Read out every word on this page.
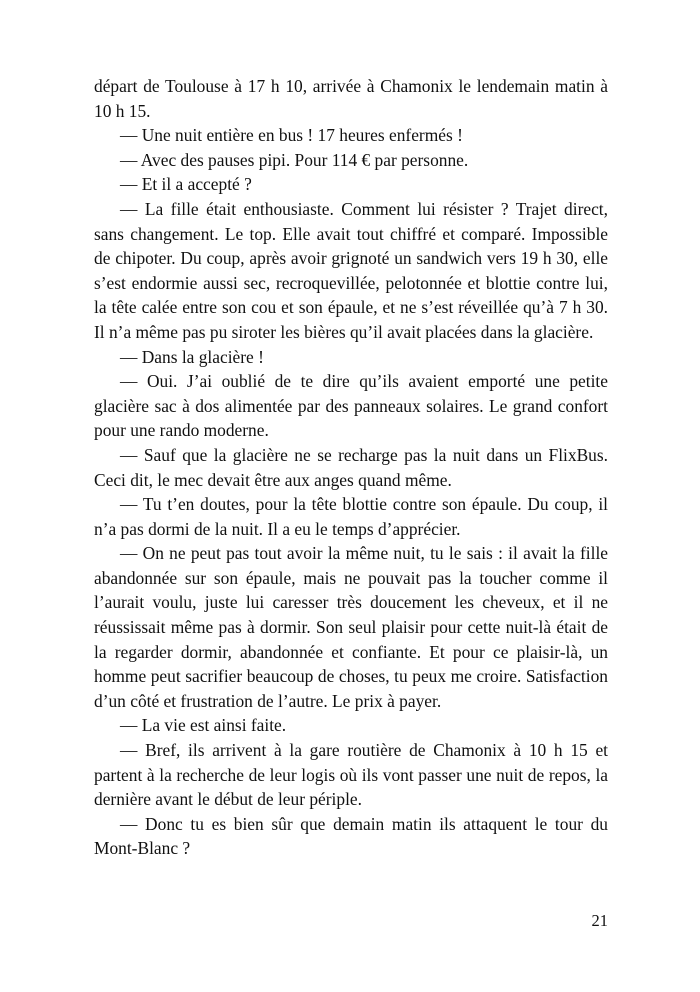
départ de Toulouse à 17 h 10, arrivée à Chamonix le lendemain matin à 10 h 15.

— Une nuit entière en bus ! 17 heures enfermés !

— Avec des pauses pipi. Pour 114 € par personne.

— Et il a accepté ?

— La fille était enthousiaste. Comment lui résister ? Trajet direct, sans changement. Le top. Elle avait tout chiffré et comparé. Impossible de chipoter. Du coup, après avoir grignoté un sandwich vers 19 h 30, elle s’est endormie aussi sec, recroquevillée, pelotonnée et blottie contre lui, la tête calée entre son cou et son épaule, et ne s’est réveillée qu’à 7 h 30. Il n’a même pas pu siroter les bières qu’il avait placées dans la glacière.

— Dans la glacière !

— Oui. J’ai oublié de te dire qu’ils avaient emporté une petite glacière sac à dos alimentée par des panneaux solaires. Le grand confort pour une rando moderne.

— Sauf que la glacière ne se recharge pas la nuit dans un FlixBus. Ceci dit, le mec devait être aux anges quand même.

— Tu t’en doutes, pour la tête blottie contre son épaule. Du coup, il n’a pas dormi de la nuit. Il a eu le temps d’apprécier.

— On ne peut pas tout avoir la même nuit, tu le sais : il avait la fille abandonnée sur son épaule, mais ne pouvait pas la toucher comme il l’aurait voulu, juste lui caresser très doucement les cheveux, et il ne réussissait même pas à dormir. Son seul plaisir pour cette nuit-là était de la regarder dormir, abandonnée et confiante. Et pour ce plaisir-là, un homme peut sacrifier beaucoup de choses, tu peux me croire. Satisfaction d’un côté et frustration de l’autre. Le prix à payer.

— La vie est ainsi faite.

— Bref, ils arrivent à la gare routière de Chamonix à 10 h 15 et partent à la recherche de leur logis où ils vont passer une nuit de repos, la dernière avant le début de leur périple.

— Donc tu es bien sûr que demain matin ils attaquent le tour du Mont-Blanc ?

21
